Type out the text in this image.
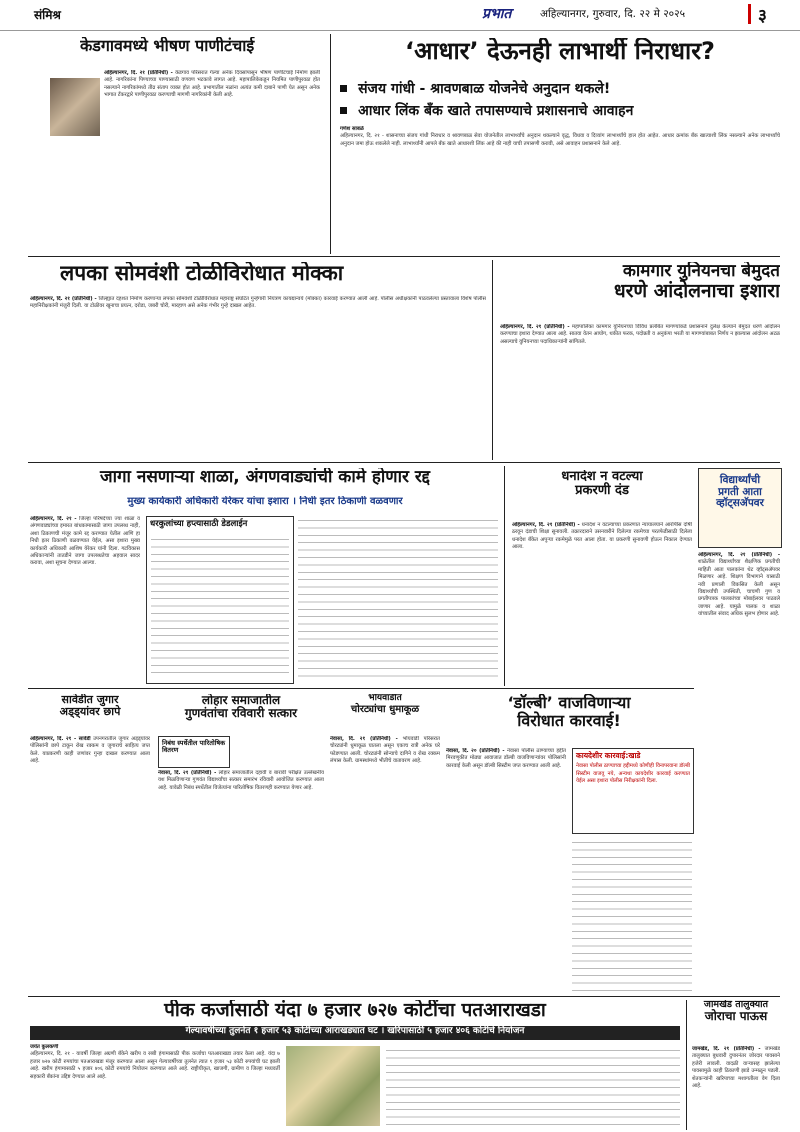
संमिश्र	प्रभात	अहिल्यानगर, गुरुवार, दि. २२ मे २०२५	३
केडगावमध्ये भीषण पाणीटंचाई
अहिल्यानगर, दि. २१ (प्रतिनिधी) - केडगाव परिसरात गेल्या अनेक दिवसांपासून भीषण पाणीटंचाई निर्माण झाली आहे. नागरिकांना पिण्याच्या पाण्यासाठी वणवण भटकावे लागत आहे. महापालिकेकडून नियमित पाणीपुरवठा होत नसल्याने नागरिकांमध्ये तीव्र संताप व्यक्त होत आहे. प्रभागातील नळांना अत्यंत कमी दाबाने पाणी येत असून अनेक भागात टँकरद्वारे पाणीपुरवठा करण्याची मागणी नागरिकांनी केली आहे.
‘आधार’ देऊनही लाभार्थी निराधार?
संजय गांधी - श्रावणबाळ योजनेचे अनुदान थकले!
आधार लिंक बँक खाते तपासण्याचे प्रशासनाचे आवाहन
गणेश साबळे
अहिल्यानगर, दि. २१ - शासनाच्या संजय गांधी निराधार व श्रावणबाळ सेवा योजनेतील लाभार्थ्यांचे अनुदान थकल्याने वृद्ध, विधवा व दिव्यांग लाभार्थ्यांचे हाल होत आहेत. आधार क्रमांक बँक खात्याशी लिंक नसल्याने अनेक लाभार्थ्यांचे अनुदान जमा होऊ शकलेले नाही. लाभार्थ्यांनी आपले बँक खाते आधारशी लिंक आहे की नाही याची तपासणी करावी, असे आवाहन प्रशासनाने केले आहे.
लपका सोमवंशी टोळीविरोधात मोक्का
अहिल्यानगर, दि. २१ (प्रतिनिधी) - जिल्ह्यात दहशत निर्माण करणाऱ्या लपका सोमवंशी टोळीविरोधात महाराष्ट्र संघटित गुन्हेगारी नियंत्रण कायद्यान्वये (मोक्का) कारवाई करण्यात आली आहे. पोलीस अधीक्षकांनी पाठवलेल्या प्रस्तावाला विशेष पोलीस महानिरीक्षकांनी मंजुरी दिली. या टोळीवर खुनाचा प्रयत्न, दरोडा, जबरी चोरी, मारहाण असे अनेक गंभीर गुन्हे दाखल आहेत.
कामगार युनियनचा बेमुदत
धरणे आंदोलनाचा इशारा
अहिल्यानगर, दि. २१ (प्रतिनिधी) - महापालिका कामगार युनियनच्या विविध प्रलंबित मागण्यांकडे प्रशासनाने दुर्लक्ष केल्याने बेमुदत धरणे आंदोलन करण्याचा इशारा देण्यात आला आहे. सातवा वेतन आयोग, थकीत फरक, पदोन्नती व अनुकंपा भरती या मागण्यांबाबत निर्णय न झाल्यास आंदोलन अटळ असल्याचे युनियनच्या पदाधिकाऱ्यांनी सांगितले.
जागा नसणाऱ्या शाळा, अंगणवाड्यांची कामे होणार रद्द
मुख्य कार्यकारी अधिकारी येरेकर यांचा इशारा । निधी इतर ठिकाणी वळवणार
अहिल्यानगर, दि. २१ - जिल्हा परिषदेच्या ज्या शाळा व अंगणवाड्यांच्या इमारत बांधकामासाठी जागा उपलब्ध नाही, अशा ठिकाणची मंजूर कामे रद्द करण्यात येतील आणि हा निधी इतर ठिकाणी वळवण्यात येईल, असा इशारा मुख्य कार्यकारी अधिकारी आशिष येरेकर यांनी दिला. गटविकास अधिकाऱ्यांनी तातडीने जागा उपलब्धतेचा अहवाल सादर करावा, अशा सूचना देण्यात आल्या.
धरकुलांच्या हप्त्यासाठी डेडलाईन
धनादेश न वटल्या
प्रकरणी दंड
अहिल्यानगर, दि. २१ (प्रतिनिधी) - धनादेश न वटल्याच्या प्रकरणात न्यायालयाने आरोपीस दोषी ठरवून दंडाची शिक्षा सुनावली. तक्रारदाराने उसनवारीने दिलेल्या रकमेच्या परतफेडीसाठी दिलेला धनादेश बँकेत अपुऱ्या रकमेमुळे परत आला होता. या प्रकरणी सुनावणी होऊन निकाल देण्यात आला.
विद्यार्थ्यांची
प्रगती आता
व्हॉट्सअ‍ॅपवर
अहिल्यानगर, दि. २१ (प्रतिनिधी) - शाळेतील विद्यार्थ्यांच्या शैक्षणिक प्रगतीची माहिती आता पालकांना थेट व्हॉट्सअ‍ॅपवर मिळणार आहे. शिक्षण विभागाने यासाठी नवी प्रणाली विकसित केली असून विद्यार्थ्यांची उपस्थिती, चाचणी गुण व प्रगतीपत्रक पालकांच्या मोबाईलवर पाठवले जाणार आहे. यामुळे पालक व शाळा यांच्यातील संवाद अधिक सुलभ होणार आहे.
सावेडीत जुगार
अड्ड्यांवर छापे
अहिल्यानगर, दि. २१ - सावेडी उपनगरातील जुगार अड्ड्यांवर पोलिसांनी छापे टाकून रोख रक्कम व जुगाराचे साहित्य जप्त केले. याप्रकरणी काही जणांवर गुन्हा दाखल करण्यात आला आहे.
लोहार समाजातील
गुणवंतांचा रविवारी सत्कार
निबंध स्पर्धेतील पारितोषिक वितरण
नेवासा, दि. २१ (प्रतिनिधी) - लोहार समाजातील दहावी व बारावी परीक्षेत उल्लेखनीय यश मिळविणाऱ्या गुणवंत विद्यार्थ्यांचा सत्कार समारंभ रविवारी आयोजित करण्यात आला आहे. यावेळी निबंध स्पर्धेतील विजेत्यांना पारितोषिक वितरणही करण्यात येणार आहे.
भोयवाडीत
चोरट्यांचा धुमाकूळ
नेवासा, दि. २१ (प्रतिनिधी) - भोयवाडी परिसरात चोरट्यांनी धुमाकूळ घातला असून एकाच रात्री अनेक घरे फोडण्यात आली. चोरट्यांनी सोन्याचे दागिने व रोख रक्कम लंपास केली. ग्रामस्थांमध्ये भीतीचे वातावरण आहे.
‘डॉल्बी’ वाजविणाऱ्या
विरोधात कारवाई!
नेवासा, दि. २० (प्रतिनिधी) - नेवासा पोलीस ठाण्याच्या हद्दीत मिरवणुकीत मोठ्या आवाजात डॉल्बी वाजविणाऱ्यांवर पोलिसांनी कारवाई केली असून डॉल्बी सिस्टीम जप्त करण्यात आली आहे.
कायदेशीर कारवाई:खाडे
नेवासा पोलीस ठाण्याच्या हद्दीमध्ये कोणीही विनापरवाना डॉल्बी सिस्टीम वाजवू नये, अन्यथा कायदेशीर कारवाई करण्यात येईल असा इशारा पोलीस निरीक्षकांनी दिला.
पीक कर्जासाठी यंदा ७ हजार ७२७ कोटींचा पतआराखडा
गेल्यावर्षीच्या तुलनेत १ हजार ५३ कोटींच्या आराखड्यात घट । खरिपासाठी ५ हजार ४०६ कोटींचे नियोजन
जयंत कुलकर्णी
अहिल्यानगर, दि. २१ - यावर्षी जिल्हा अग्रणी बँकेने खरीप व रब्बी हंगामासाठी पीक कर्जाचा पतआराखडा तयार केला आहे. यंदा ७ हजार ७२७ कोटी रुपयांचा पतआराखडा मंजूर करण्यात आला असून गेल्यावर्षीच्या तुलनेत त्यात १ हजार ५३ कोटी रुपयांची घट झाली आहे. खरीप हंगामासाठी ५ हजार ४०६ कोटी रुपयांचे नियोजन करण्यात आले आहे. राष्ट्रीयीकृत, खाजगी, ग्रामीण व जिल्हा मध्यवर्ती सहकारी बँकांना उद्दिष्ट देण्यात आले आहे.
जामखेड तालुक्यात
जोराचा पाऊस
जामखेड, दि. २१ (प्रतिनिधी) - जामखेड तालुक्यात बुधवारी दुपारनंतर जोरदार पावसाने हजेरी लावली. वादळी वाऱ्यासह झालेल्या पावसामुळे काही ठिकाणी झाडे उन्मळून पडली. शेतकऱ्यांनी खरिपाच्या मशागतीला वेग दिला आहे.
